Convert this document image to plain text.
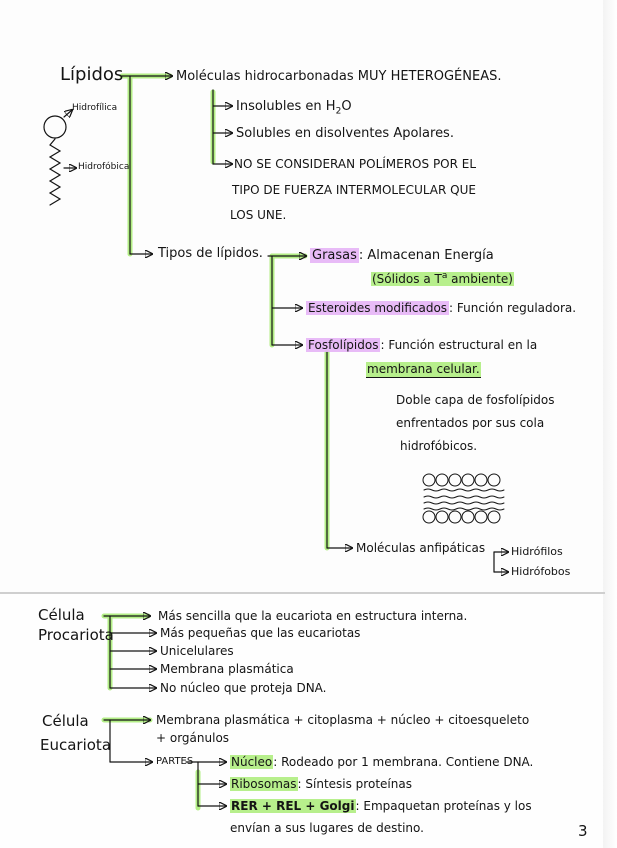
Lípidos
Hidrofílica
Hidrofóbica
Moléculas hidrocarbonadas MUY HETEROGÉNEAS.
Insolubles en $H_2O$
Solubles en disolventes Apolares.
NO SE CONSIDERAN POLÍMEROS POR EL
TIPO DE FUERZA INTERMOLECULAR QUE
LOS UNE.
Tipos de lípidos.	Grasas : Almacenan Energía
(Sólidos a $T^a$ ambiente)
Esteroides modificados : Función reguladora.
Fosfolípidos : Función estructural en la
membrana celular.
Doble capa de fosfolípidos
enfrentados por sus cola
hidrofóbicos.
Moléculas anfipáticas Hidrófilos
Hidrófobos
Célula
Procariota
Más sencilla que la eucariota en estructura interna.
Más pequeñas que las eucariotas
Unicelulares
Membrana plasmática
No núcleo que proteja DNA.
Célula
Eucariota
Membrana plasmática + citoplasma + núcleo + citoesqueleto
+ orgánulos
PARTES	Núcleo: Rodeado por 1 membrana. Contiene DNA.
Ribosomas: Síntesis proteínas
RER + REL + Golgi: Empaquetan proteínas y los
envían a sus lugares de destino.	3
